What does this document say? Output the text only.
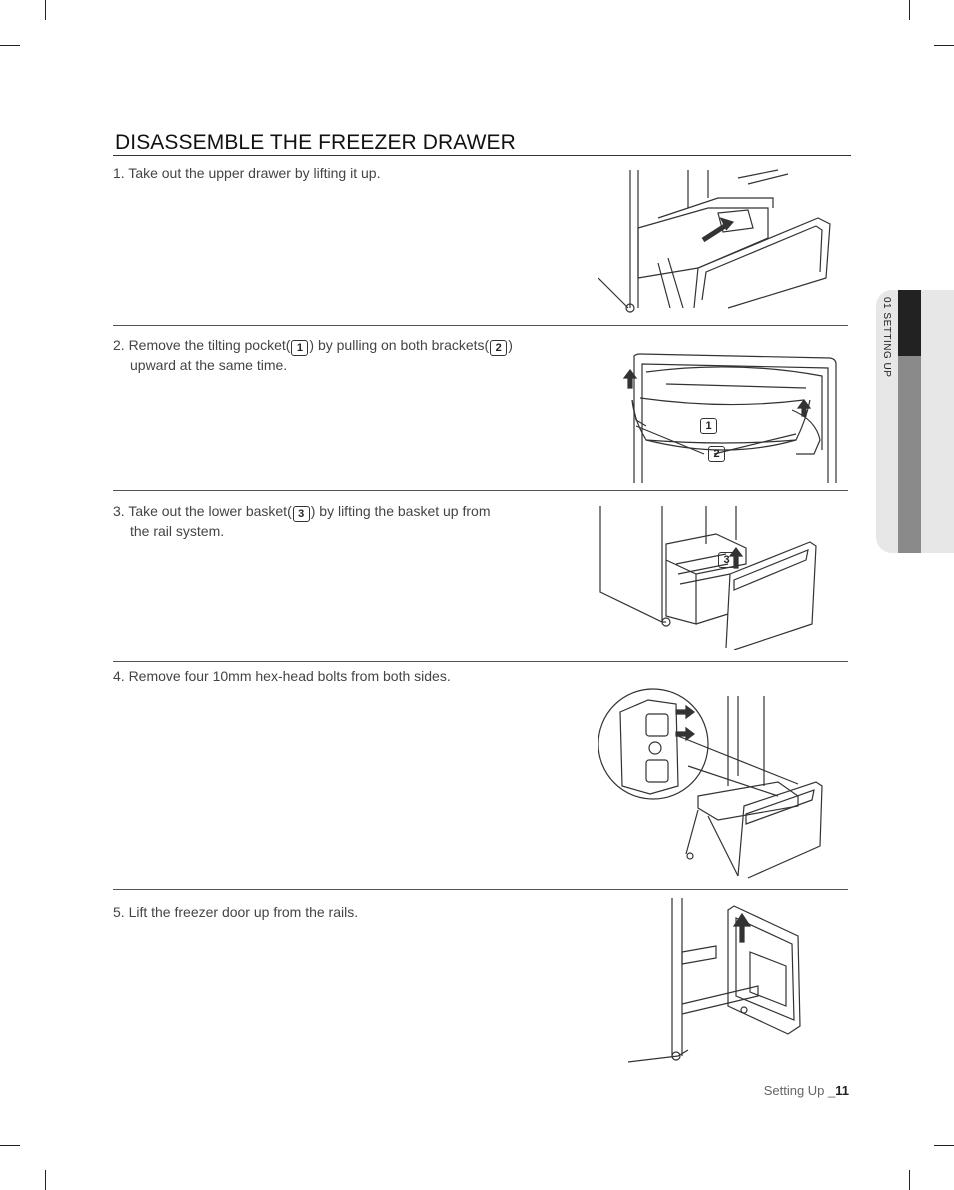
DISASSEMBLE THE FREEZER DRAWER
1. Take out the upper drawer by lifting it up.
2. Remove the tilting pocket( 1 ) by pulling on both brackets( 2 )
upward at the same time.
1
2
3. Take out the lower basket( 3 ) by lifting the basket up from
the rail system.
3
4. Remove four 10mm hex-head bolts from both sides.
5. Lift the freezer door up from the rails.
01 SETTING UP
Setting Up _11
